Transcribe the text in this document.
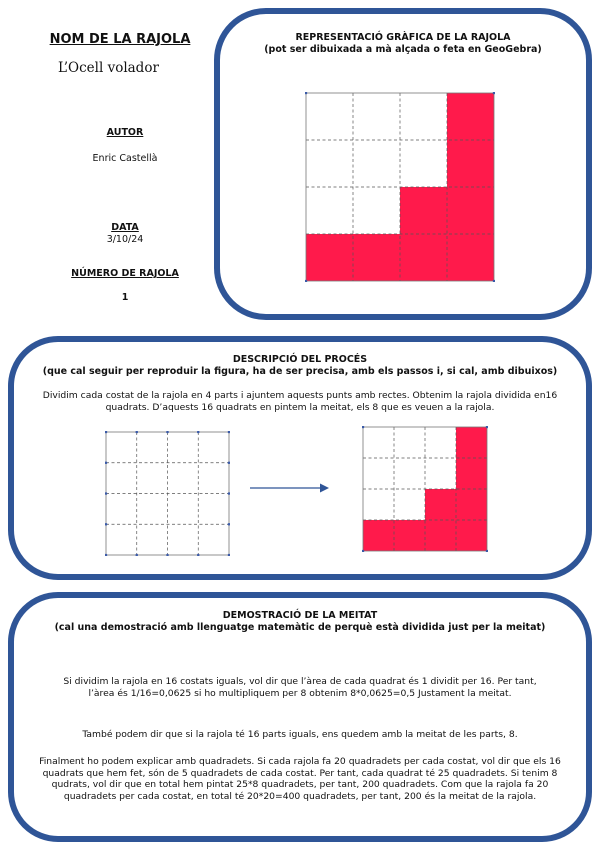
NOM DE LA RAJOLA
L’Ocell volador
AUTOR
Enric Castellà
DATA
3/10/24
NÚMERO DE RAJOLA
1
REPRESENTACIÓ GRÀFICA DE LA RAJOLA
(pot ser dibuixada a mà alçada o feta en GeoGebra)
DESCRIPCIÓ DEL PROCÉS
(que cal seguir per reproduir la figura, ha de ser precisa, amb els passos i, si cal, amb dibuixos)
Dividim cada costat de la rajola en 4 parts i ajuntem aquests punts amb rectes. Obtenim la rajola dividida en16 quadrats. D’aquests 16 quadrats en pintem la meitat, els 8 que es veuen a la rajola.
DEMOSTRACIÓ DE LA MEITAT
(cal una demostració amb llenguatge matemàtic de perquè està dividida just per la meitat)

Si dividim la rajola en 16 costats iguals, vol dir que l’àrea de cada quadrat és 1 dividit per 16. Per tant, l’àrea és 1/16=0,0625 si ho multipliquem per 8 obtenim 8*0,0625=0,5 Justament la meitat.

També podem dir que si la rajola té 16 parts iguals, ens quedem amb la meitat de les parts, 8.

Finalment ho podem explicar amb quadradets. Si cada rajola fa 20 quadradets per cada costat, vol dir que els 16 quadrats que hem fet, són de 5 quadradets de cada costat. Per tant, cada quadrat té 25 quadradets. Si tenim 8 qudrats, vol dir que en total hem pintat 25*8 quadradets, per tant, 200 quadradets. Com que la rajola fa 20 quadradets per cada costat, en total té 20*20=400 quadradets, per tant, 200 és la meitat de la rajola.
